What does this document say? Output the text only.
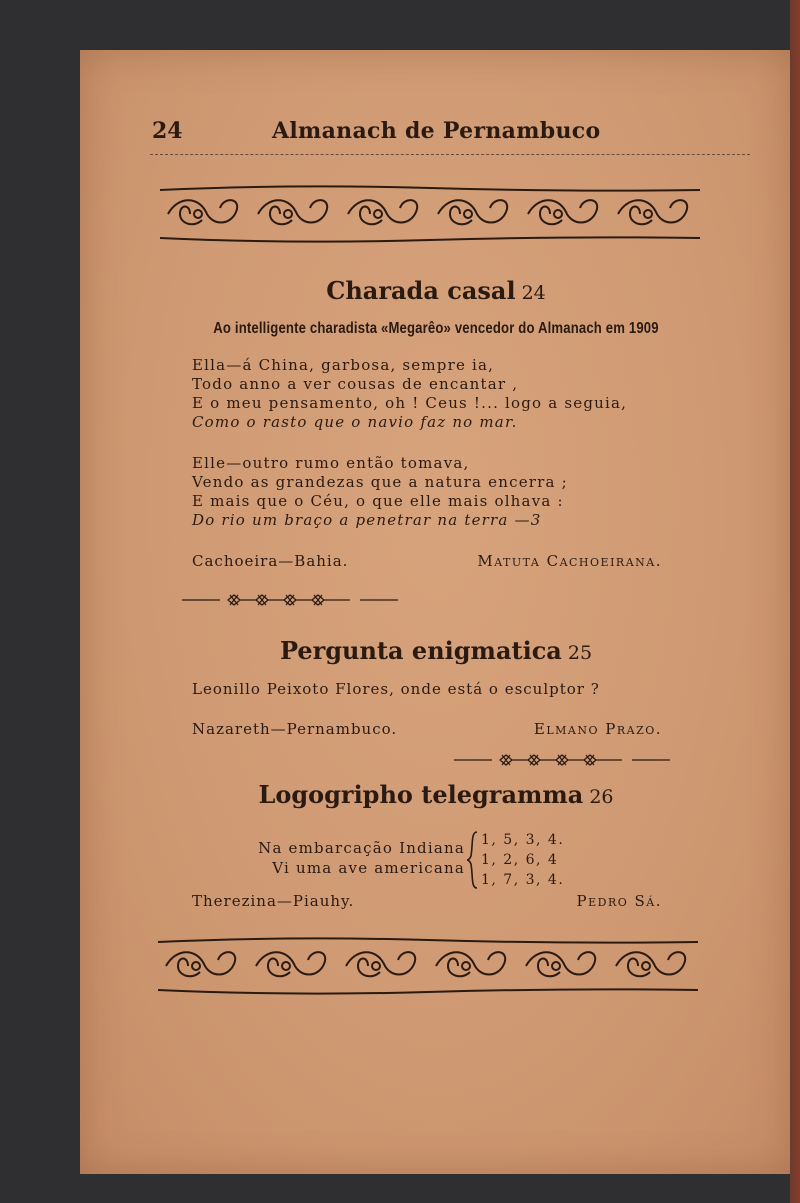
24	Almanach de Pernambuco
Charada casal 24
Ao intelligente charadista «Megarêo» vencedor do Almanach em 1909
Ella—á China, garbosa, sempre ia,
Todo anno a ver cousas de encantar ,
E o meu pensamento, oh ! Ceus !... logo a seguia,
Como o rasto que o navio faz no mar.
Elle—outro rumo então tomava,
Vendo as grandezas que a natura encerra ;
E mais que o Céu, o que elle mais olhava :
Do rio um braço a penetrar na terra —3
Cachoeira—Bahia.	Matuta Cachoeirana.
Pergunta enigmatica 25
Leonillo Peixoto Flores, onde está o esculptor ?
Nazareth—Pernambuco.	Elmano Prazo.
Logogripho telegramma 26
Na embarcação Indiana
Vi uma ave americana
1, 5, 3, 4.
1, 2, 6, 4
1, 7, 3, 4.
Therezina—Piauhy.	Pedro Sá.
